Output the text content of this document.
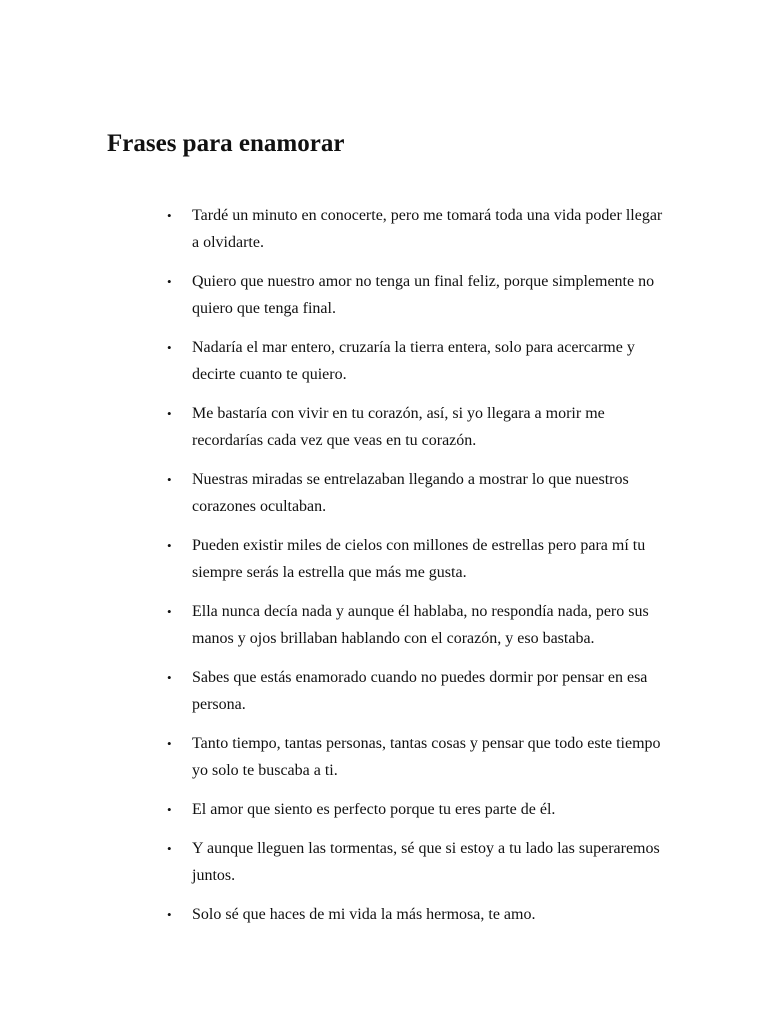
Frases para enamorar
• Tardé un minuto en conocerte, pero me tomará toda una vida poder llegar a olvidarte.
• Quiero que nuestro amor no tenga un final feliz, porque simplemente no quiero que tenga final.
• Nadaría el mar entero, cruzaría la tierra entera, solo para acercarme y decirte cuanto te quiero.
• Me bastaría con vivir en tu corazón, así, si yo llegara a morir me recordarías cada vez que veas en tu corazón.
• Nuestras miradas se entrelazaban llegando a mostrar lo que nuestros corazones ocultaban.
• Pueden existir miles de cielos con millones de estrellas pero para mí tu siempre serás la estrella que más me gusta.
• Ella nunca decía nada y aunque él hablaba, no respondía nada, pero sus manos y ojos brillaban hablando con el corazón, y eso bastaba.
• Sabes que estás enamorado cuando no puedes dormir por pensar en esa persona.
• Tanto tiempo, tantas personas, tantas cosas y pensar que todo este tiempo yo solo te buscaba a ti.
• El amor que siento es perfecto porque tu eres parte de él.
• Y aunque lleguen las tormentas, sé que si estoy a tu lado las superaremos juntos.
• Solo sé que haces de mi vida la más hermosa, te amo.
